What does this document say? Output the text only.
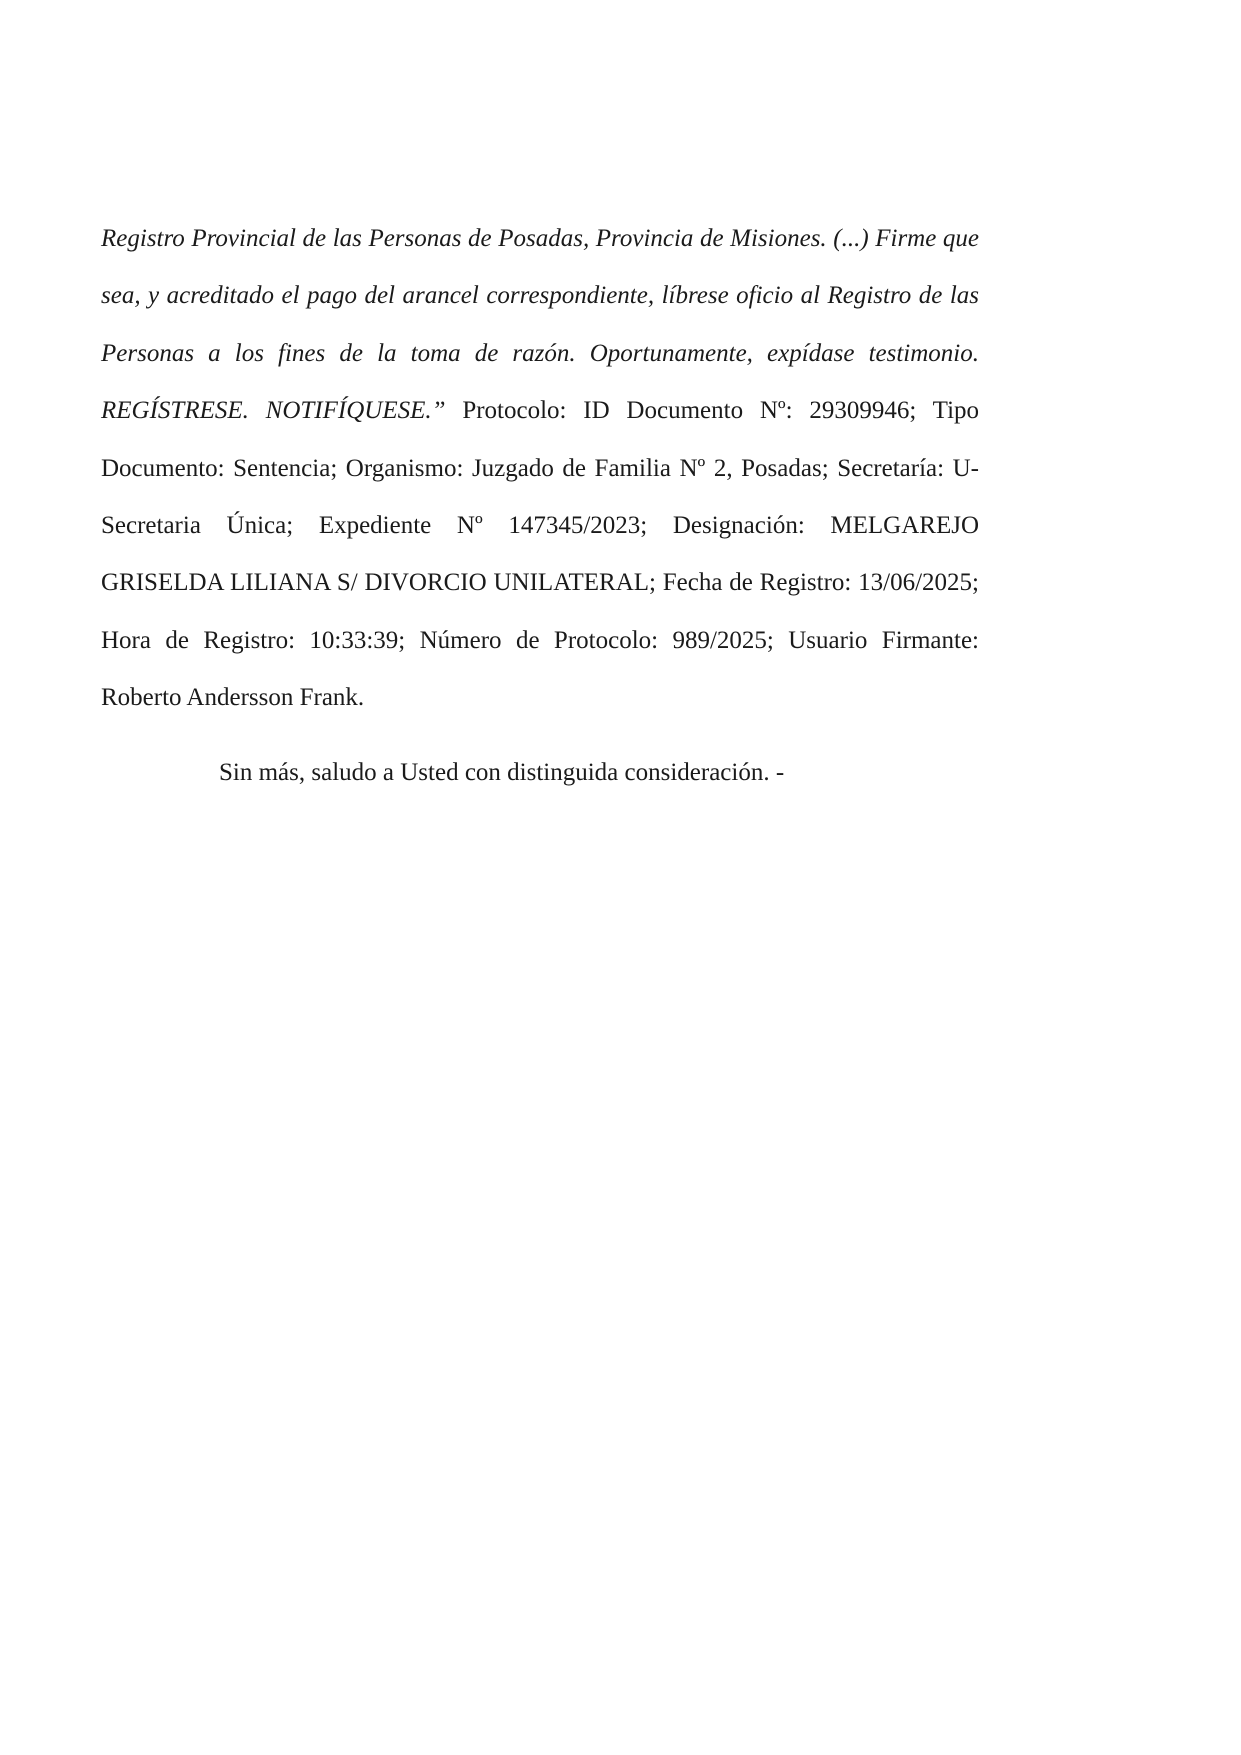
Registro Provincial de las Personas de Posadas, Provincia de Misiones. (...) Firme que sea, y acreditado el pago del arancel correspondiente, líbrese oficio al Registro de las Personas a los fines de la toma de razón. Oportunamente, expídase testimonio. REGÍSTRESE. NOTIFÍQUESE.” Protocolo: ID Documento Nº: 29309946; Tipo Documento: Sentencia; Organismo: Juzgado de Familia Nº 2, Posadas; Secretaría: U-Secretaria Única; Expediente Nº 147345/2023; Designación: MELGAREJO GRISELDA LILIANA S/ DIVORCIO UNILATERAL; Fecha de Registro: 13/06/2025; Hora de Registro: 10:33:39; Número de Protocolo: 989/2025; Usuario Firmante: Roberto Andersson Frank.

Sin más, saludo a Usted con distinguida consideración. -
